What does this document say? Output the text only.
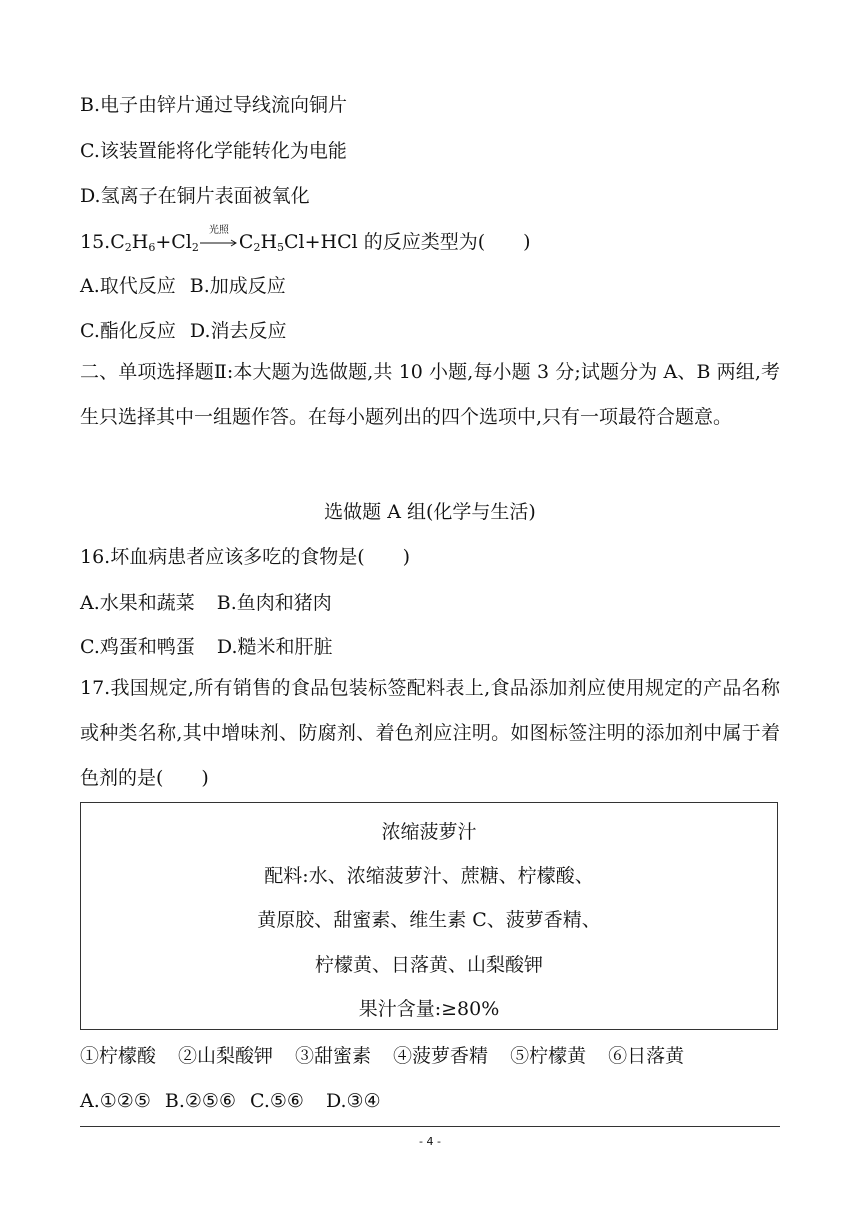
B.电子由锌片通过导线流向铜片
C.该装置能将化学能转化为电能
D.氢离子在铜片表面被氧化
$15.C_2H_6+Cl_2$
光照
$C_2H_5Cl+HCl$ 的反应类型为(　　)
A.取代反应 B.加成反应
C.酯化反应 D.消去反应
二、单项选择题Ⅱ:本大题为选做题,共 10 小题,每小题 3 分;试题分为 A、B 两组,考生只选择其中一组题作答。在每小题列出的四个选项中,只有一项最符合题意。
选做题 A 组(化学与生活)
16.坏血病患者应该多吃的食物是(　　)
A.水果和蔬菜 B.鱼肉和猪肉
C.鸡蛋和鸭蛋 D.糙米和肝脏
17.我国规定,所有销售的食品包装标签配料表上,食品添加剂应使用规定的产品名称或种类名称,其中增味剂、防腐剂、着色剂应注明。如图标签注明的添加剂中属于着色剂的是(　　)
浓缩菠萝汁
配料:水、浓缩菠萝汁、蔗糖、柠檬酸、
黄原胶、甜蜜素、维生素 C、菠萝香精、
柠檬黄、日落黄、山梨酸钾
果汁含量:≥80%
①柠檬酸 ②山梨酸钾 ③甜蜜素 ④菠萝香精 ⑤柠檬黄 ⑥日落黄
A.①②⑤ B.②⑤⑥ C.⑤⑥ D.③④
- 4 -
